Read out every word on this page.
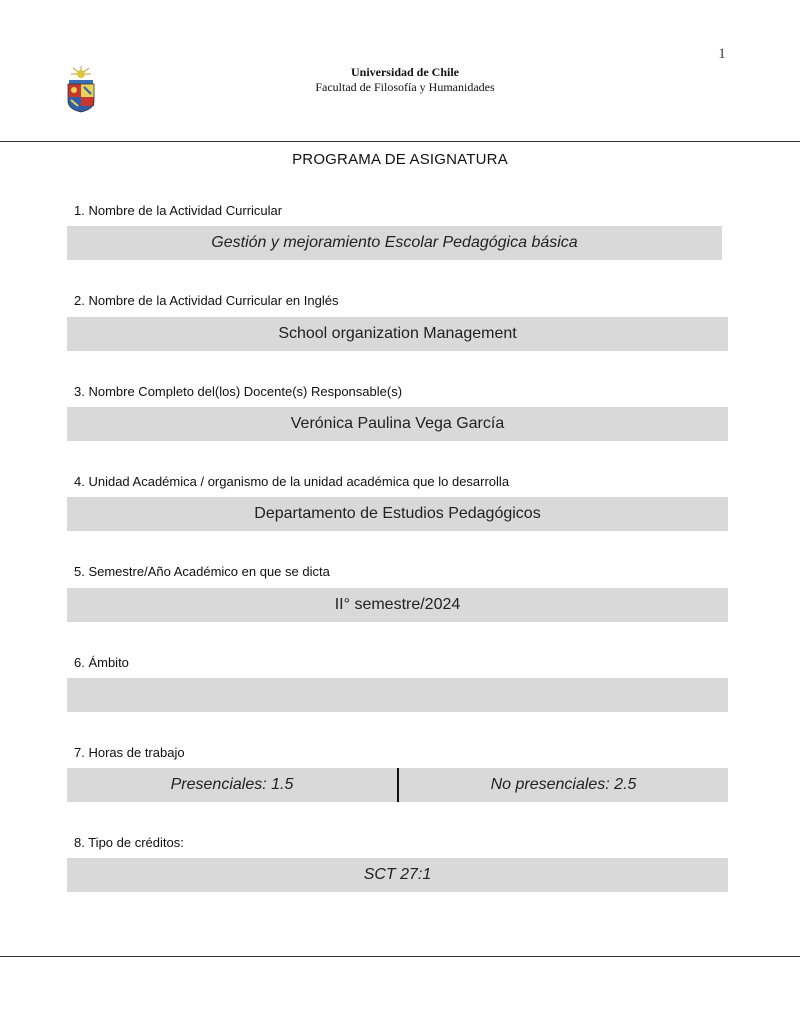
1
Universidad de Chile
Facultad de Filosofía y Humanidades
PROGRAMA DE ASIGNATURA
1. Nombre de la Actividad Curricular
Gestión y mejoramiento Escolar Pedagógica básica
2. Nombre de la Actividad Curricular en Inglés
School organization Management
3. Nombre Completo del(los) Docente(s) Responsable(s)
Verónica Paulina Vega García
4. Unidad Académica / organismo de la unidad académica que lo desarrolla
Departamento de Estudios Pedagógicos
5. Semestre/Año Académico en que se dicta
II° semestre/2024
6. Ámbito
7. Horas de trabajo
Presenciales: 1.5	No presenciales: 2.5
8. Tipo de créditos:
SCT 27:1
